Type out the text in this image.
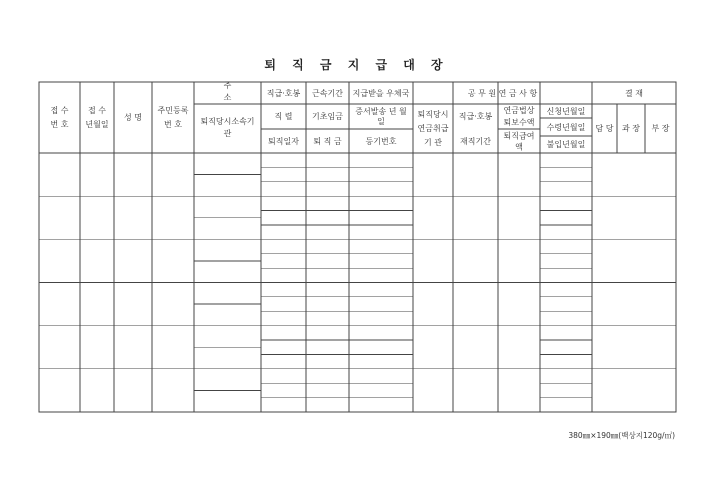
퇴 직 금 지 급 대 장
접 수
번 호
접 수
년월일
성 명
주민등록
번 호
주
소
퇴직당시소속기
관
직급·호봉
직 렬
퇴직일자
근속기간
기초임금
퇴 직 금
지급받을 우체국
증서발송 년 월
일
등기번호
공 무 원 연 금 사 항
퇴직당시
연금취급
기 관
직급·호봉
재직기간
연금법상
퇴보수액
퇴직급여
액
신청년월일
수령년월일
불입년월일
결 재
담 당 과 장 부 장
380㎜×190㎜(백상지120g/㎡)
